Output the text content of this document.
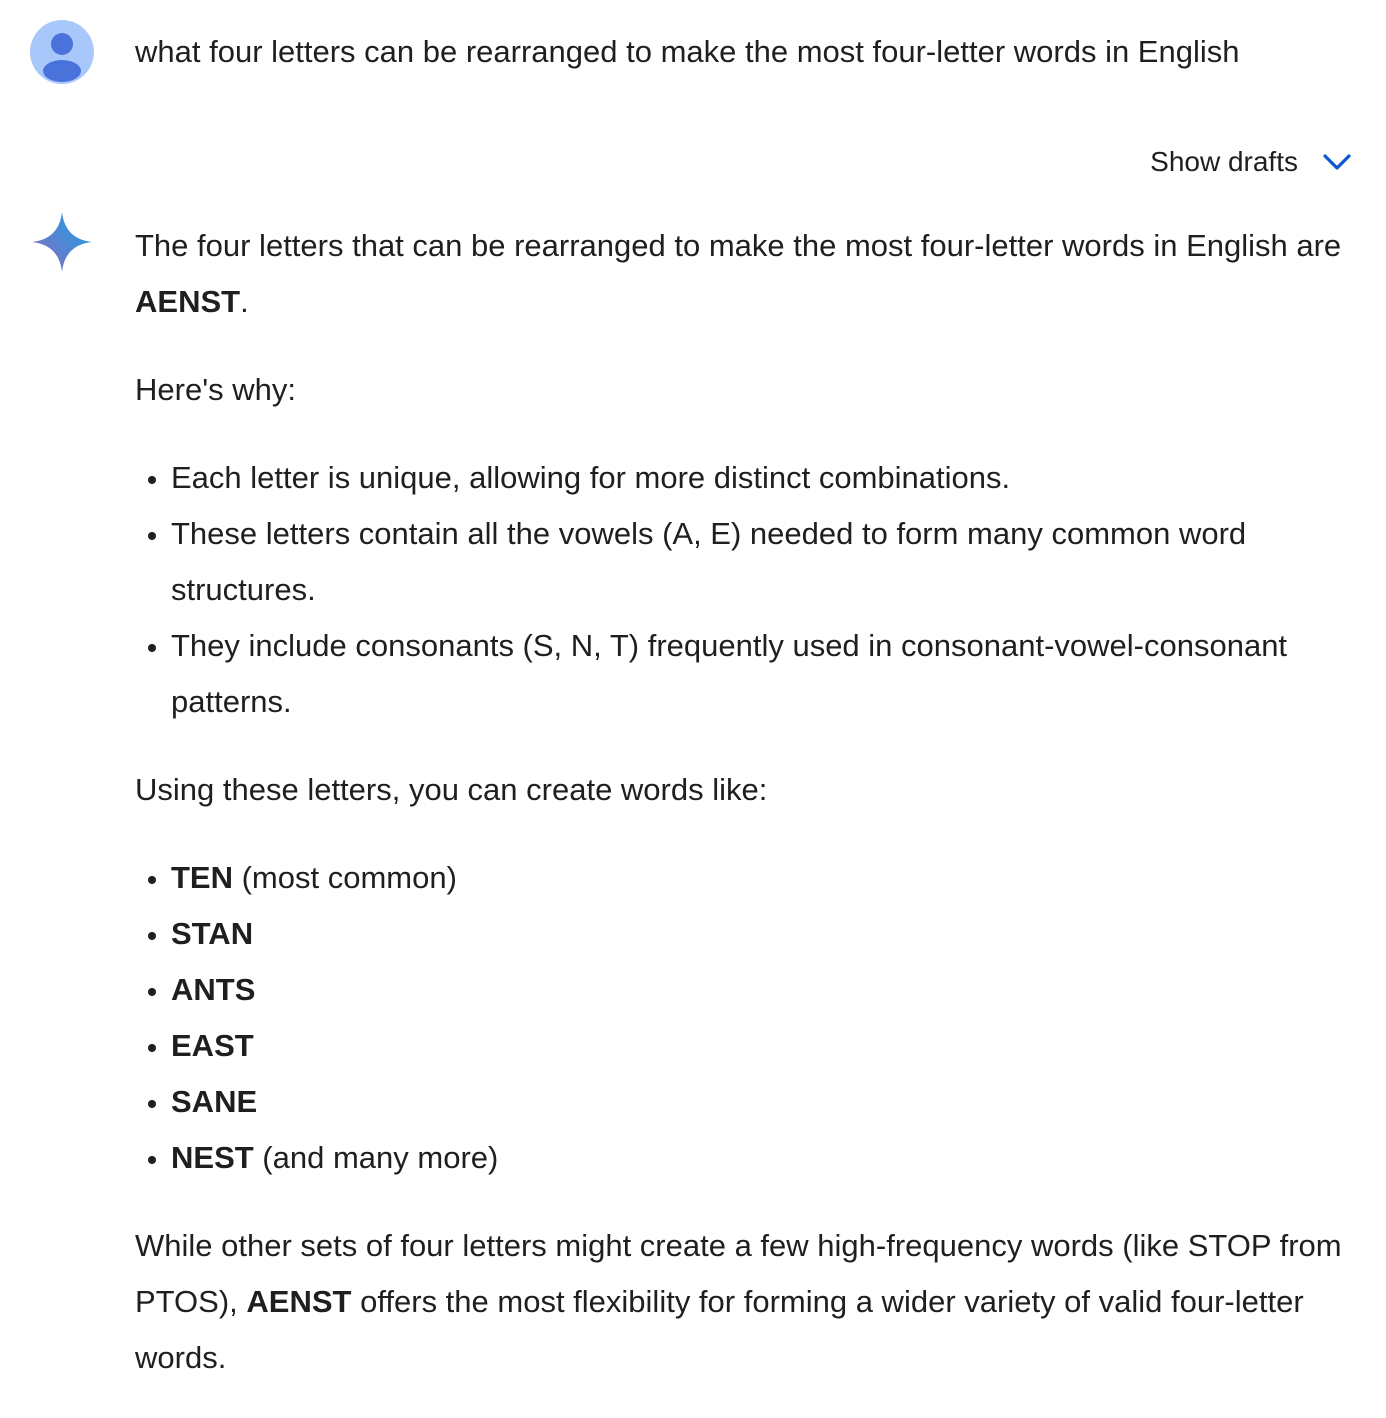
what four letters can be rearranged to make the most four-letter words in English
Show drafts

The four letters that can be rearranged to make the most four-letter words in English are AENST.

Here's why:

• Each letter is unique, allowing for more distinct combinations.
• These letters contain all the vowels (A, E) needed to form many common word structures.
• They include consonants (S, N, T) frequently used in consonant-vowel-consonant patterns.

Using these letters, you can create words like:

• TEN (most common)
• STAN
• ANTS
• EAST
• SANE
• NEST (and many more)

While other sets of four letters might create a few high-frequency words (like STOP from PTOS), AENST offers the most flexibility for forming a wider variety of valid four-letter words.
